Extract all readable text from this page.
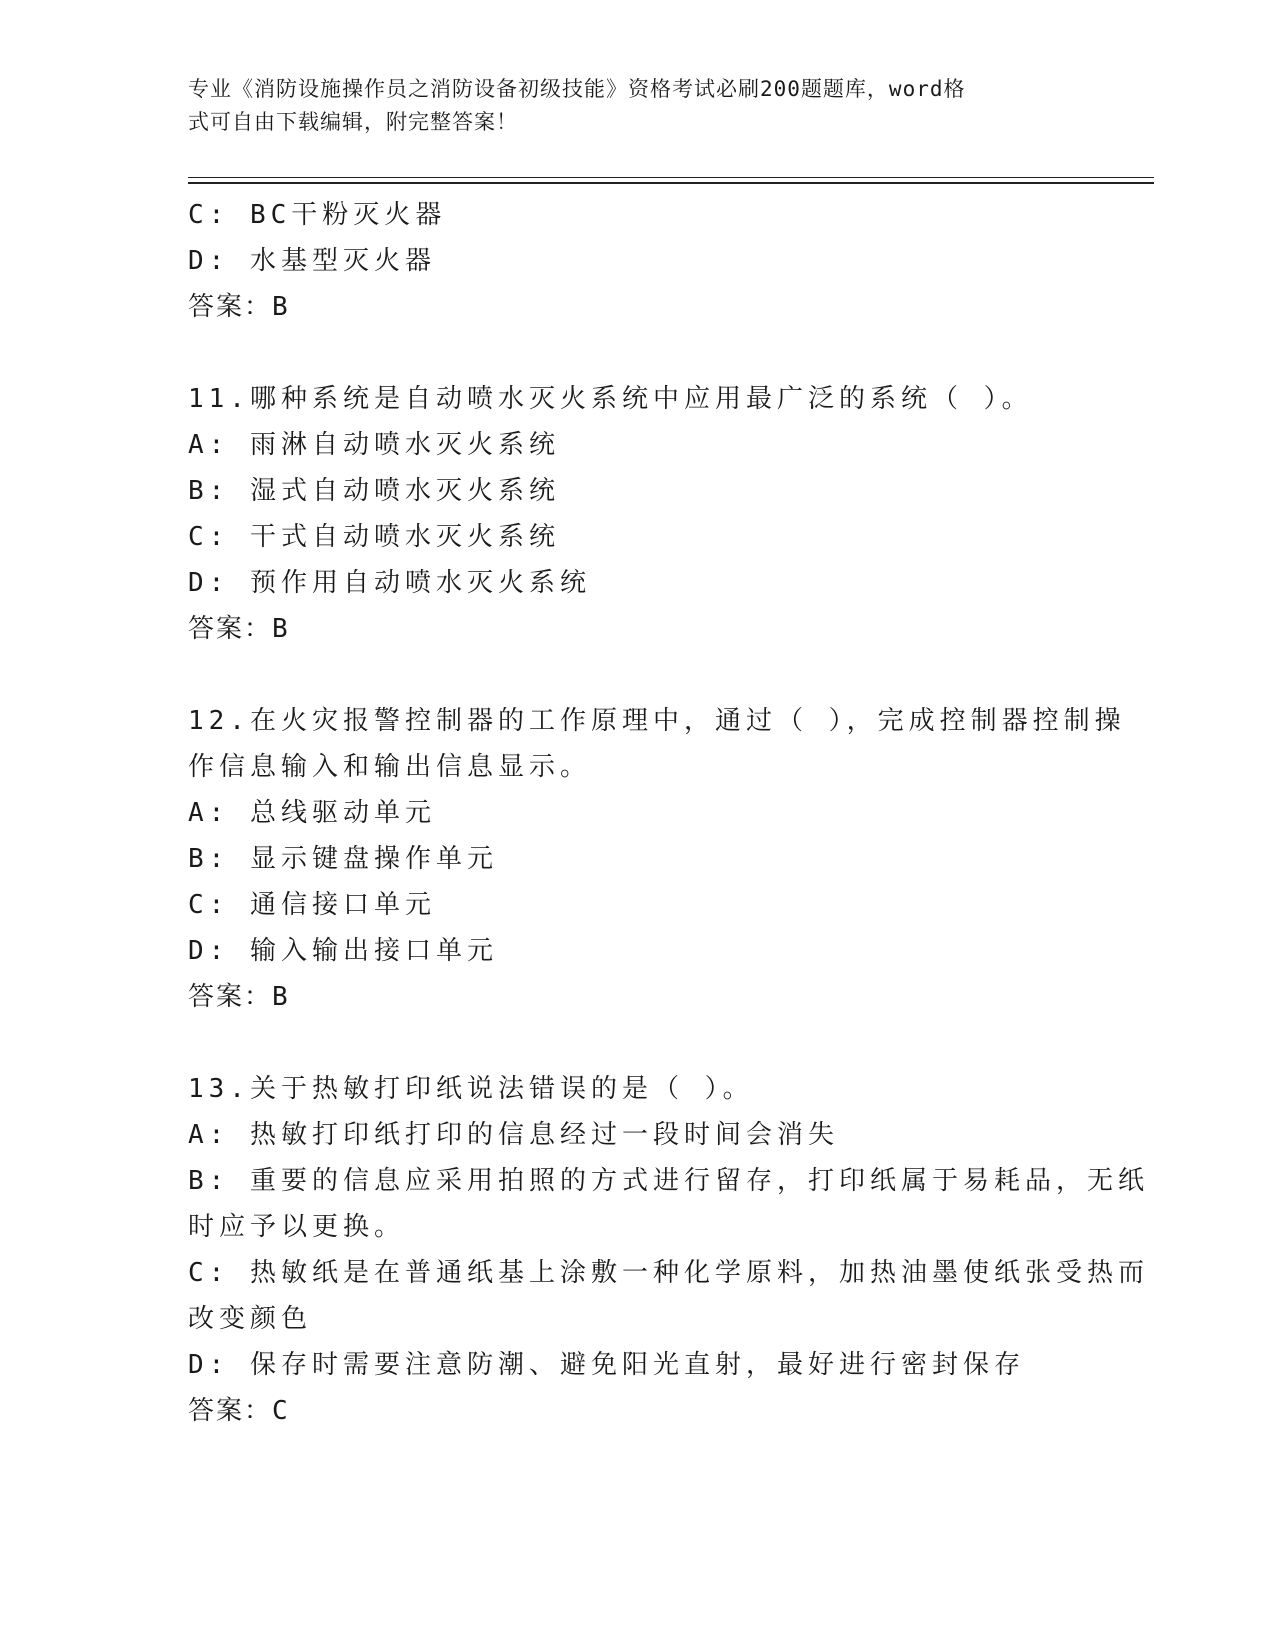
专业《消防设施操作员之消防设备初级技能》资格考试必刷200题题库，word格
式可自由下载编辑，附完整答案！
C: BC干粉灭火器
D: 水基型灭火器
答案：B
11.哪种系统是自动喷水灭火系统中应用最广泛的系统（ ）。
A: 雨淋自动喷水灭火系统
B: 湿式自动喷水灭火系统
C: 干式自动喷水灭火系统
D: 预作用自动喷水灭火系统
答案：B
12.在火灾报警控制器的工作原理中，通过（ ），完成控制器控制操
作信息输入和输出信息显示。
A: 总线驱动单元
B: 显示键盘操作单元
C: 通信接口单元
D: 输入输出接口单元
答案：B
13.关于热敏打印纸说法错误的是（ ）。
A: 热敏打印纸打印的信息经过一段时间会消失
B: 重要的信息应采用拍照的方式进行留存，打印纸属于易耗品，无纸
时应予以更换。
C: 热敏纸是在普通纸基上涂敷一种化学原料，加热油墨使纸张受热而
改变颜色
D: 保存时需要注意防潮、避免阳光直射，最好进行密封保存
答案：C
